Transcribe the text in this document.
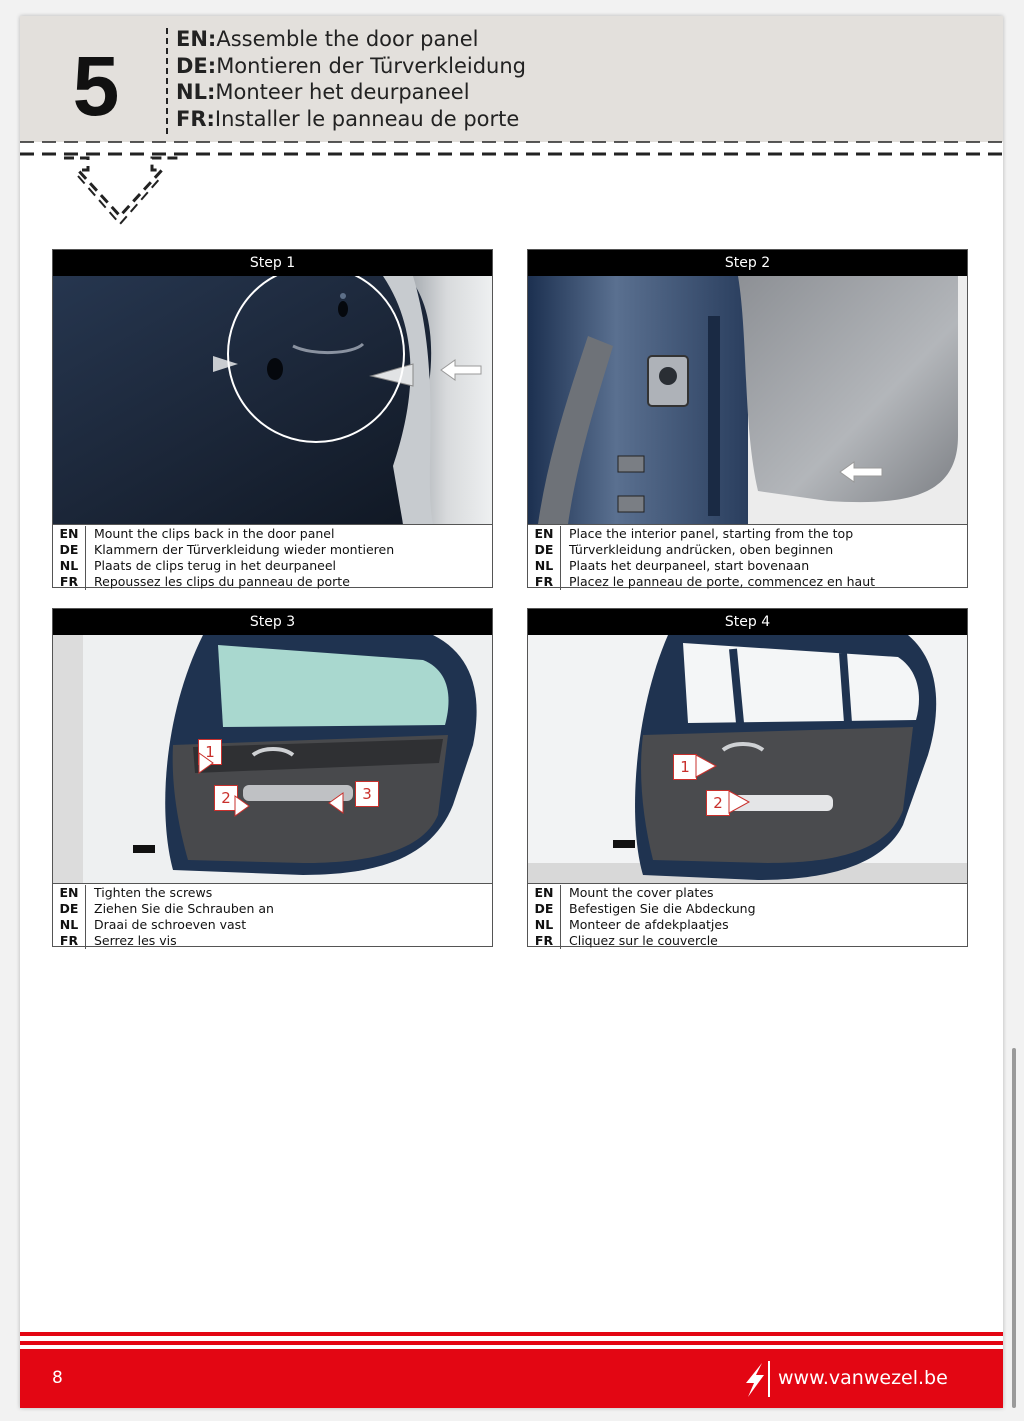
5	EN:Assemble the door panel
DE:Montieren der Türverkleidung
NL:Monteer het deurpaneel
FR:Installer le panneau de porte
Step 1
EN	Mount the clips back in the door panel
DE	Klammern der Türverkleidung wieder montieren
NL	Plaats de clips terug in het deurpaneel
FR	Repoussez les clips du panneau de porte
Step 2
EN	Place the interior panel, starting from the top
DE	Türverkleidung andrücken, oben beginnen
NL	Plaats het deurpaneel, start bovenaan
FR	Placez le panneau de porte, commencez en haut
Step 3
1
2	3
EN	Tighten the screws
DE	Ziehen Sie die Schrauben an
NL	Draai de schroeven vast
FR	Serrez les vis
Step 4
1
2
EN	Mount the cover plates
DE	Befestigen Sie die Abdeckung
NL	Monteer de afdekplaatjes
FR	Cliquez sur le couvercle
8	www.vanwezel.be
